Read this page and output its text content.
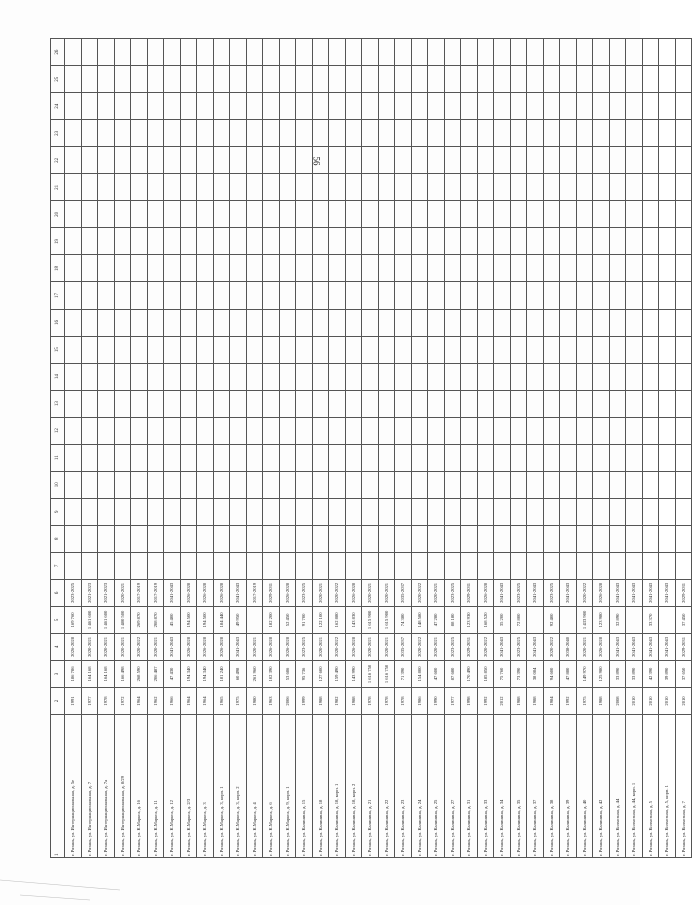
56
1	2	3	4	5	6	7	8	9	10	11	12	13	14	15	16	17	18	19	20	21	22	23	24	25	26
г. Рязань, ул. Интернациональная, д. 5е	1991	186 786	2026-2028	169 760	2023-2025																				
г. Рязань, ул. Интернациональная, д. 7	1977	164 168	2020-2021	1 461 600	2021-2023																				
г. Рязань, ул. Интернациональная, д. 7а	1978	164 168	2020-2021	1 461 600	2021-2023																				
г. Рязань, ул. Интернациональная, д. 8/29	1972	166 498	2020-2021	1 480 500	2020-2021																				
г. Рязань, ул. К.Маркса, д. 16	1964	268 590	2020-2022	269 870	2017-2019																				
г. Рязань, ул. К.Маркса, д. 11	1962	206 487	2020-2021	208 870	2017-2019																				
г. Рязань, ул. К.Маркса, д. 12	1966	47 430	2041-2043	45 400	2041-2043																				
г. Рязань, ул. К.Маркса, д. 2/3	1964	194 340	2026-2028	194 500	2026-2028																				
г. Рязань, ул. К.Маркса, д. 3	1964	194 340	2026-2028	194 500	2026-2028																				
г. Рязань, ул. К.Маркса, д. 3, корп. 1	1965	181 240	2026-2028	184 440	2026-2028																				
г. Рязань, ул. К.Маркса, д. 3, корп. 2	1975	60 498	2041-2043	49 950	2041-2043																				
г. Рязань, ул. К.Маркса, д. 4	1980	261 960	2020-2021		2017-2019																				
г. Рязань, ул. К.Маркса, д. 6	1963	102 390	2026-2028	182 200	2029-2031																				
г. Рязань, ул. К.Маркса, д. 9, корп. 1	2006	53 686	2026-2028	52 450	2026-2028																				
г. Рязань, ул. Калинина, д. 15	1999	95 736	2023-2025	91 700	2023-2025																				
г. Рязань, ул. Калинина, д. 18	1988	127 600	2020-2021	122 100	2020-2021																				
г. Рязань, ул. Калинина, д. 18, корп. 1	1982	159 490	2020-2022	162 880	2020-2022																				
г. Рязань, ул. Калинина, д. 18, корп. 2	1988	143 990	2026-2028	143 830	2026-2028																				
г. Рязань, ул. Калинина, д. 21	1978	1 616 750	2020-2021	1 615 900	2020-2021																				
г. Рязань, ул. Калинина, д. 22	1978	1 616 750	2020-2021	1 615 900	2020-2021																				
г. Рязань, ул. Калинина, д. 23	1978	71 390	2035-2037	74 380	2035-2037																				
г. Рязань, ул. Калинина, д. 24	1986	154 800	2020-2022	148 580	2020-2022																				
г. Рязань, ул. Калинина, д. 25	1990	47 600	2020-2021	47 280	2020-2021																				
г. Рязань, ул. Калинина, д. 27	1977	87 680	2023-2025	88 180	2023-2025																				
г. Рязань, ул. Калинина, д. 31	1998	170 490	2029-2031	123 930	2029-2031																				
г. Рязань, ул. Калинина, д. 33	1992	185 850	2020-2022	168 520	2026-2028																				
г. Рязань, ул. Калинина, д. 34	2012	75 760	2041-2043	35 200	2041-2043																				
г. Рязань, ул. Калинина, д. 35	1988	73 390	2023-2025	72 800	2023-2025																				
г. Рязань, ул. Калинина, д. 37	1988	38 084	2041-2043		2041-2043																				
г. Рязань, ул. Калинина, д. 38	1984	94 600	2020-2022	92 400	2023-2025																				
г. Рязань, ул. Калинина, д. 39	1992	47 880	2038-2040		2041-2043																				
г. Рязань, ул. Калинина, д. 40	1975	149 970	2020-2021	1 433 900	2020-2022																				
г. Рязань, ул. Калинина, д. 42	1988	125 980	2026-2028	123 980	2026-2028																				
г. Рязань, ул. Колхозная, д. 44	2008	33 890	2041-2043	32 890	2041-2043																				
г. Рязань, ул. Колхозная, д. 44, корп. 1	2010	33 890	2041-2043		2041-2043																				
г. Рязань, ул. Колхозная, д. 5	2010	42 390	2041-2043	33 370	2041-2043																				
г. Рязань, ул. Колхозная, д. 5, корп. 1	2010	39 890	2041-2043		2041-2043																				
г. Рязань, ул. Колхозная, д. 7	2010	37 650	2029-2031	37 450	2029-2031																				
